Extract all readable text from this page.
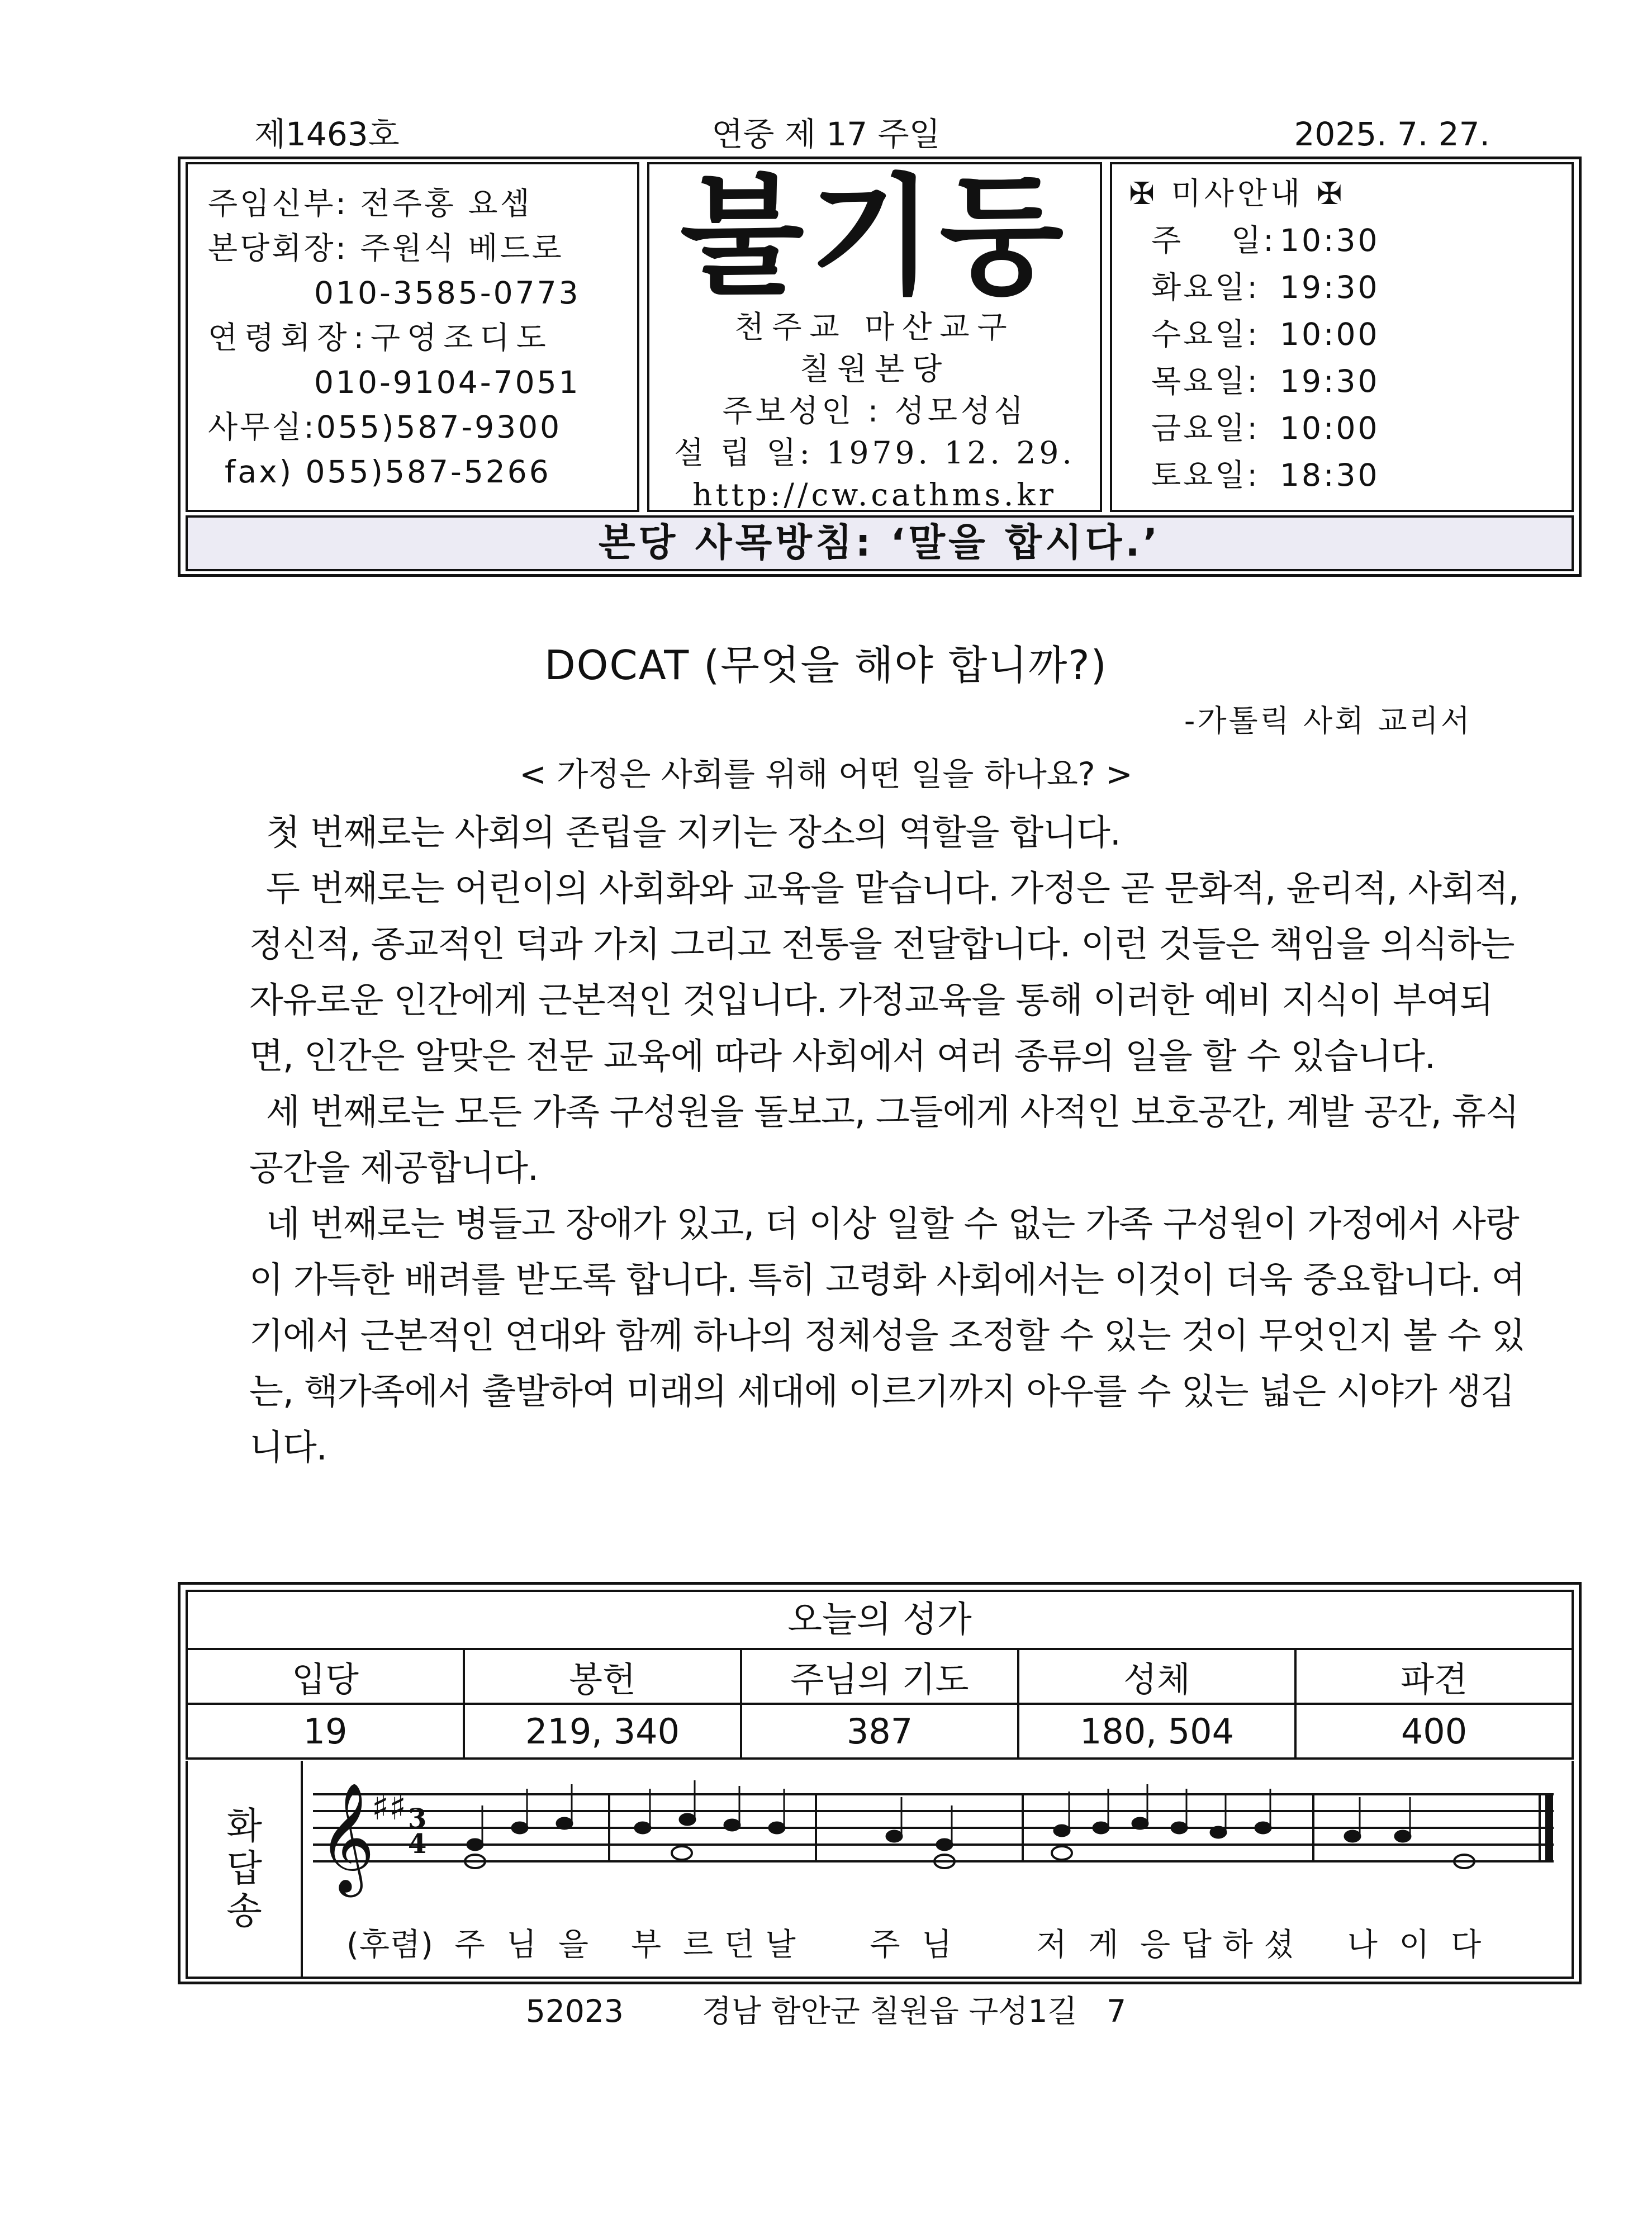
제1463호	연중 제 17 주일	2025. 7. 27.
주임신부: 전주홍 요셉
본당회장: 주원식 베드로
010-3585-0773
연령회장:구영조디도
010-9104-7051
사무실:055)587-9300
fax) 055)587-5266
불기둥
천주교 마산교구
칠원본당
주보성인 : 성모성심
설 립 일: 1979. 12. 29.
http://cw.cathms.kr
✠ 미사안내 ✠
주    일: 10:30
화요일: 19:30
수요일: 10:00
목요일: 19:30
금요일: 10:00
토요일: 18:30
본당 사목방침: ‘말을 합시다.’
DOCAT (무엇을 해야 합니까?)
-가톨릭 사회 교리서
< 가정은 사회를 위해 어떤 일을 하나요? >

첫 번째로는 사회의 존립을 지키는 장소의 역할을 합니다.

두 번째로는 어린이의 사회화와 교육을 맡습니다. 가정은 곧 문화적, 윤리적, 사회적, 정신적, 종교적인 덕과 가치 그리고 전통을 전달합니다. 이런 것들은 책임을 의식하는 자유로운 인간에게 근본적인 것입니다. 가정교육을 통해 이러한 예비 지식이 부여되면, 인간은 알맞은 전문 교육에 따라 사회에서 여러 종류의 일을 할 수 있습니다.

세 번째로는 모든 가족 구성원을 돌보고, 그들에게 사적인 보호공간, 계발 공간, 휴식 공간을 제공합니다.

네 번째로는 병들고 장애가 있고, 더 이상 일할 수 없는 가족 구성원이 가정에서 사랑이 가득한 배려를 받도록 합니다. 특히 고령화 사회에서는 이것이 더욱 중요합니다. 여기에서 근본적인 연대와 함께 하나의 정체성을 조정할 수 있는 것이 무엇인지 볼 수 있는, 핵가족에서 출발하여 미래의 세대에 이르기까지 아우를 수 있는 넓은 시야가 생깁니다.

오늘의 성가
입당	봉헌	주님의 기도	성체	파견
19	219, 340	387	180, 504	400
화
답
송
𝄞
♯♯ 3
4
(후렴)  주  님  을    부  르 던 날       주  님        저  게  응 답 하 셨     나  이  다
52023        경남 함안군 칠원읍 구성1길   7
